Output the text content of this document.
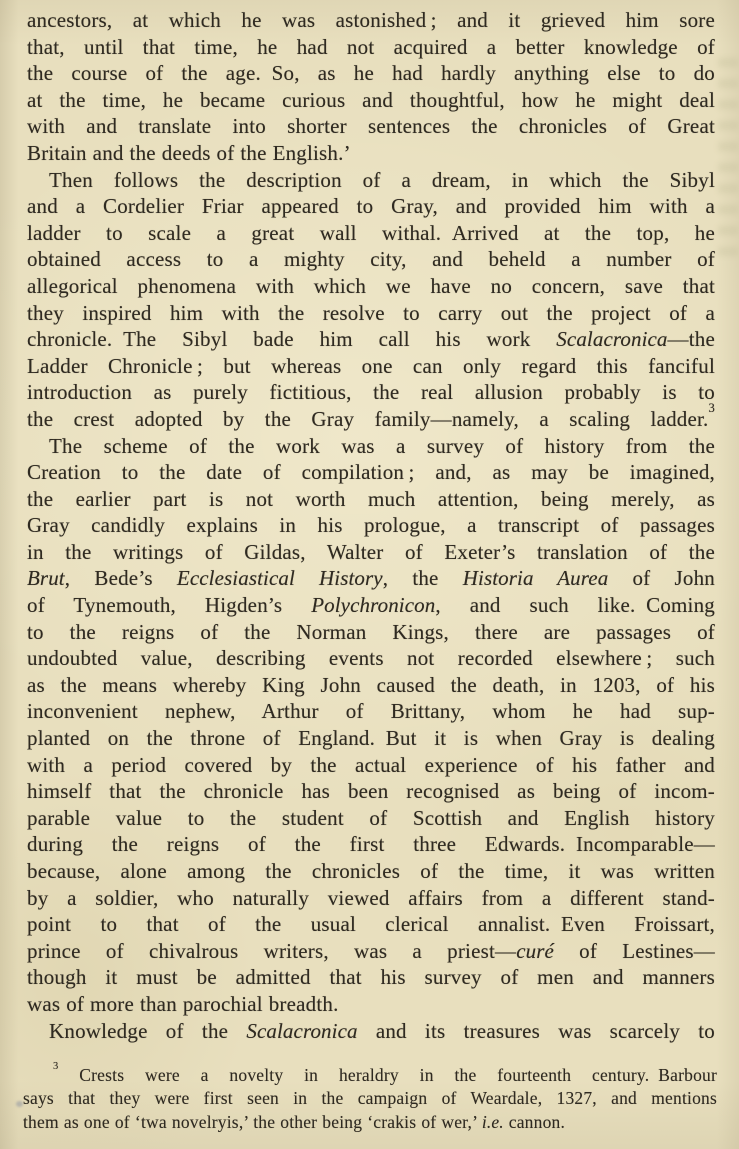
ancestors, at which he was astonished ; and it grieved him sore
that, until that time, he had not acquired a better knowledge of
the course of the age. So, as he had hardly anything else to do
at the time, he became curious and thoughtful, how he might deal
with and translate into shorter sentences the chronicles of Great
Britain and the deeds of the English.’
Then follows the description of a dream, in which the Sibyl
and a Cordelier Friar appeared to Gray, and provided him with a
ladder to scale a great wall withal. Arrived at the top, he
obtained access to a mighty city, and beheld a number of
allegorical phenomena with which we have no concern, save that
they inspired him with the resolve to carry out the project of a
chronicle. The Sibyl bade him call his work Scalacronica—the
Ladder Chronicle ; but whereas one can only regard this fanciful
introduction as purely fictitious, the real allusion probably is to
the crest adopted by the Gray family—namely, a scaling ladder.$^3$
The scheme of the work was a survey of history from the
Creation to the date of compilation ; and, as may be imagined,
the earlier part is not worth much attention, being merely, as
Gray candidly explains in his prologue, a transcript of passages
in the writings of Gildas, Walter of Exeter’s translation of the
Brut, Bede’s Ecclesiastical History, the Historia Aurea of John
of Tynemouth, Higden’s Polychronicon, and such like. Coming
to the reigns of the Norman Kings, there are passages of
undoubted value, describing events not recorded elsewhere ; such
as the means whereby King John caused the death, in 1203, of his
inconvenient nephew, Arthur of Brittany, whom he had sup-
planted on the throne of England. But it is when Gray is dealing
with a period covered by the actual experience of his father and
himself that the chronicle has been recognised as being of incom-
parable value to the student of Scottish and English history
during the reigns of the first three Edwards. Incomparable—
because, alone among the chronicles of the time, it was written
by a soldier, who naturally viewed affairs from a different stand-
point to that of the usual clerical annalist. Even Froissart,
prince of chivalrous writers, was a priest—curé of Lestines—
though it must be admitted that his survey of men and manners
was of more than parochial breadth.
Knowledge of the Scalacronica and its treasures was scarcely to
$^3$ Crests were a novelty in heraldry in the fourteenth century. Barbour
says that they were first seen in the campaign of Weardale, 1327, and mentions
them as one of ‘twa novelryis,’ the other being ‘crakis of wer,’ i.e. cannon.
